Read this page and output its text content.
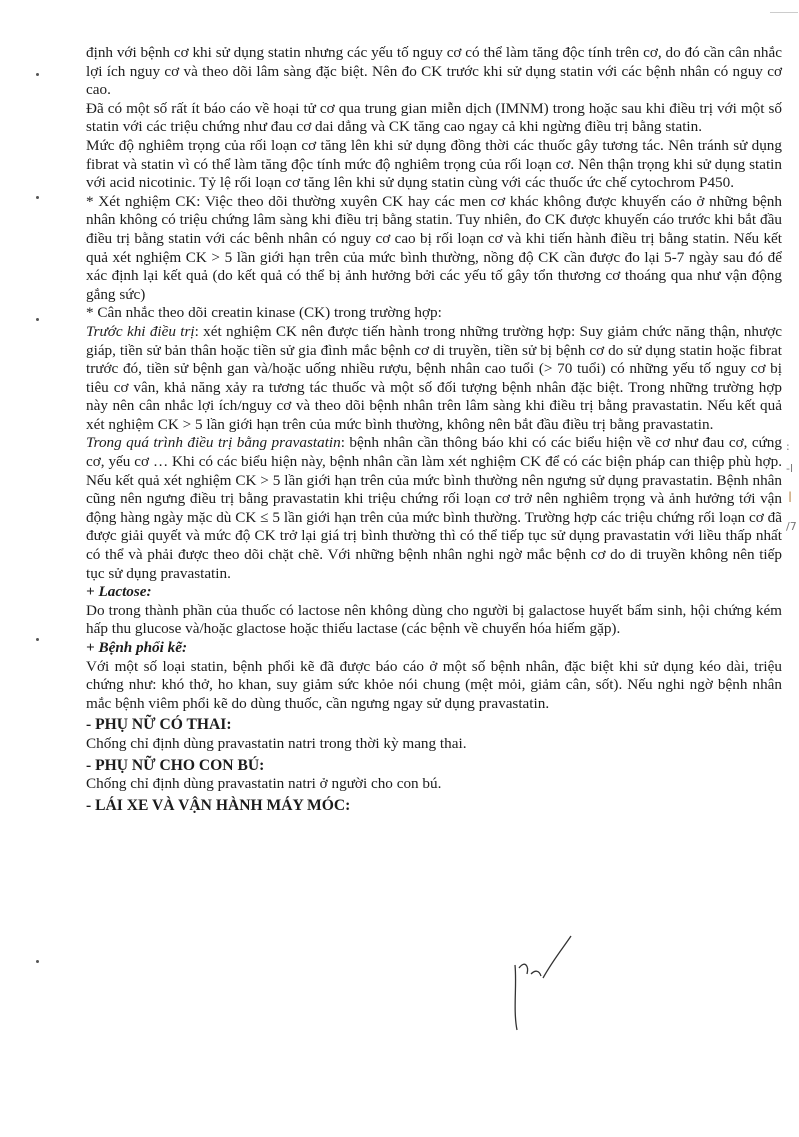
định với bệnh cơ khi sử dụng statin nhưng các yếu tố nguy cơ có thể làm tăng độc tính trên cơ, do đó cần cân nhắc lợi ích nguy cơ và theo dõi lâm sàng đặc biệt. Nên đo CK trước khi sử dụng statin với các bệnh nhân có nguy cơ cao.

Đã có một số rất ít báo cáo về hoại tử cơ qua trung gian miễn dịch (IMNM) trong hoặc sau khi điều trị với một số statin với các triệu chứng như đau cơ dai dẳng và CK tăng cao ngay cả khi ngừng điều trị bằng statin.

Mức độ nghiêm trọng của rối loạn cơ tăng lên khi sử dụng đồng thời các thuốc gây tương tác. Nên tránh sử dụng fibrat và statin vì có thể làm tăng độc tính mức độ nghiêm trọng của rối loạn cơ. Nên thận trọng khi sử dụng statin với acid nicotinic. Tỷ lệ rối loạn cơ tăng lên khi sử dụng statin cùng với các thuốc ức chế cytochrom P450.

* Xét nghiệm CK: Việc theo dõi thường xuyên CK hay các men cơ khác không được khuyến cáo ở những bệnh nhân không có triệu chứng lâm sàng khi điều trị bằng statin. Tuy nhiên, đo CK được khuyến cáo trước khi bắt đầu điều trị bằng statin với các bênh nhân có nguy cơ cao bị rối loạn cơ và khi tiến hành điều trị bằng statin. Nếu kết quả xét nghiệm CK > 5 lần giới hạn trên của mức bình thường, nồng độ CK cần được đo lại 5-7 ngày sau đó để xác định lại kết quả (do kết quả có thể bị ảnh hưởng bởi các yếu tố gây tổn thương cơ thoáng qua như vận động gắng sức)

* Cân nhắc theo dõi creatin kinase (CK) trong trường hợp:

Trước khi điều trị: xét nghiệm CK nên được tiến hành trong những trường hợp: Suy giảm chức năng thận, nhược giáp, tiền sử bản thân hoặc tiền sử gia đình mắc bệnh cơ di truyền, tiền sử bị bệnh cơ do sử dụng statin hoặc fibrat trước đó, tiền sử bệnh gan và/hoặc uống nhiều rượu, bệnh nhân cao tuổi (> 70 tuổi) có những yếu tố nguy cơ bị tiêu cơ vân, khả năng xảy ra tương tác thuốc và một số đối tượng bệnh nhân đặc biệt. Trong những trường hợp này nên cân nhắc lợi ích/nguy cơ và theo dõi bệnh nhân trên lâm sàng khi điều trị bằng pravastatin. Nếu kết quả xét nghiệm CK > 5 lần giới hạn trên của mức bình thường, không nên bắt đầu điều trị bằng pravastatin.

Trong quá trình điều trị bằng pravastatin: bệnh nhân cần thông báo khi có các biểu hiện về cơ như đau cơ, cứng cơ, yếu cơ … Khi có các biểu hiện này, bệnh nhân cần làm xét nghiệm CK để có các biện pháp can thiệp phù hợp. Nếu kết quả xét nghiệm CK > 5 lần giới hạn trên của mức bình thường nên ngưng sử dụng pravastatin. Bệnh nhân cũng nên ngưng điều trị bằng pravastatin khi triệu chứng rối loạn cơ trở nên nghiêm trọng và ảnh hưởng tới vận động hàng ngày mặc dù CK ≤ 5 lần giới hạn trên của mức bình thường. Trường hợp các triệu chứng rối loạn cơ đã được giải quyết và mức độ CK trở lại giá trị bình thường thì có thể tiếp tục sử dụng pravastatin với liều thấp nhất có thể và phải được theo dõi chặt chẽ. Với những bệnh nhân nghi ngờ mắc bệnh cơ do di truyền không nên tiếp tục sử dụng pravastatin.

+ Lactose:

Do trong thành phần của thuốc có lactose nên không dùng cho người bị galactose huyết bẩm sinh, hội chứng kém hấp thu glucose và/hoặc glactose hoặc thiếu lactase (các bệnh về chuyển hóa hiếm gặp).

+ Bệnh phổi kẽ:

Với một số loại statin, bệnh phổi kẽ đã được báo cáo ở một số bệnh nhân, đặc biệt khi sử dụng kéo dài, triệu chứng như: khó thở, ho khan, suy giảm sức khỏe nói chung (mệt mỏi, giảm cân, sốt). Nếu nghi ngờ bệnh nhân mắc bệnh viêm phổi kẽ do dùng thuốc, cần ngưng ngay sử dụng pravastatin.

- PHỤ NỮ CÓ THAI:

Chống chỉ định dùng pravastatin natri trong thời kỳ mang thai.

- PHỤ NỮ CHO CON BÚ:

Chống chỉ định dùng pravastatin natri ở người cho con bú.

- LÁI XE VÀ VẬN HÀNH MÁY MÓC:

:
-l
I
/7
